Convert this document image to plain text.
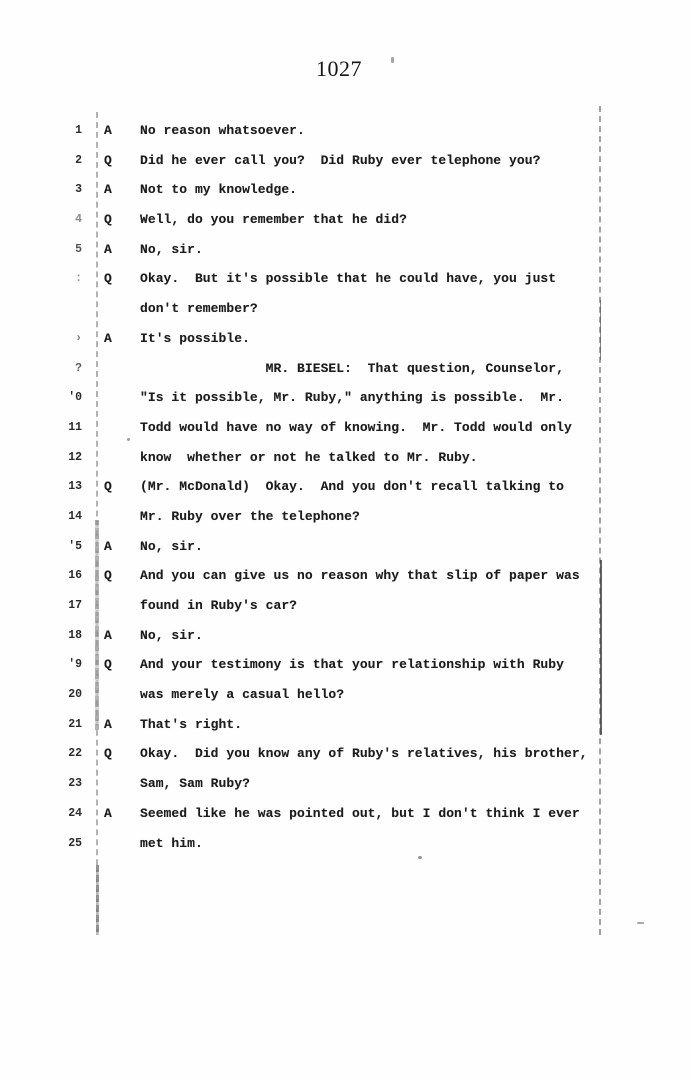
1027
1 A No reason whatsoever.
2 Q Did he ever call you?  Did Ruby ever telephone you?
3 A Not to my knowledge.
4 Q Well, do you remember that he did?
5 A No, sir.
: Q Okay.  But it's possible that he could have, you just
don't remember?
› A It's possible.
?	MR. BIESEL:  That question, Counselor,
'0	"Is it possible, Mr. Ruby," anything is possible.  Mr.
11	Todd would have no way of knowing.  Mr. Todd would only
12	know  whether or not he talked to Mr. Ruby.
13 Q (Mr. McDonald)  Okay.  And you don't recall talking to
14	Mr. Ruby over the telephone?
'5 A No, sir.
16 Q And you can give us no reason why that slip of paper was
17	found in Ruby's car?
18 A No, sir.
'9 Q And your testimony is that your relationship with Ruby
20	was merely a casual hello?
21 A That's right.
22 Q Okay.  Did you know any of Ruby's relatives, his brother,
23	Sam, Sam Ruby?
24 A Seemed like he was pointed out, but I don't think I ever
25	met him.
